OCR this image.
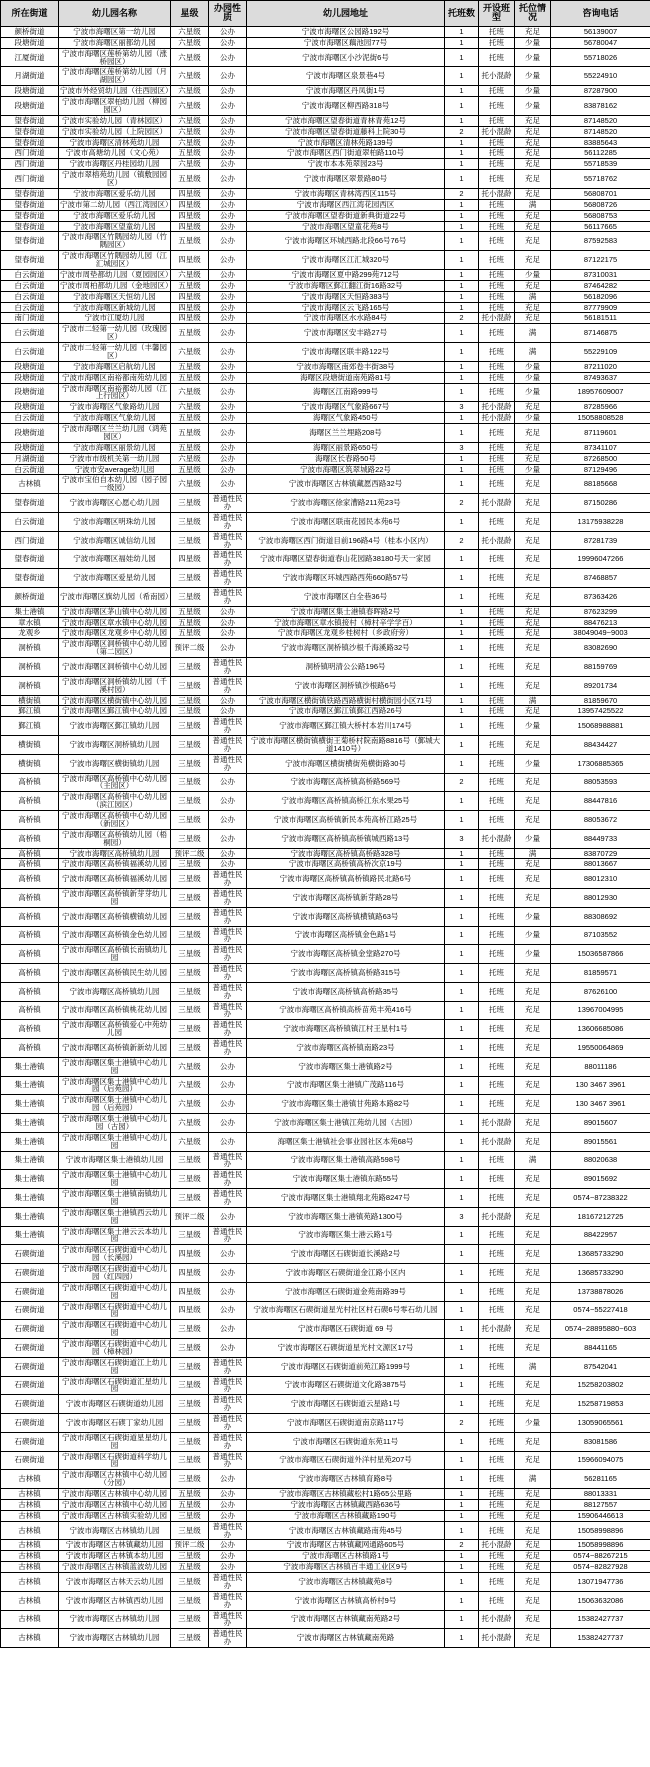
所在街道	幼儿园名称	星级	办园性质	幼儿园地址	托班数	开设班型	托位情况	咨询电话
颜桥街道	宁波市海曙区第一幼儿园	六星级	公办	宁波市海曙区公园路192号	1	托班	充足	56139007
段塘街道	宁波市海曙区丽都幼儿园	六星级	公办	宁波市海曙区藕池园77号	1	托班	少量	56780047
江厦街道	宁波市海曙区莲桥第幼儿园（涨桥园区）	六星级	公办	宁波市海曙区小沙泥街6号	1	托班	少量	55718026
月湖街道	宁波市海曙区莲桥第幼儿园（月湖园区）	六星级	公办	宁波市海曙区泉景巷4号	1	托小混龄	少量	55224910
段塘街道	宁波市外经贸幼儿园（往西园区）	六星级	公办	宁波市海曙区丹凤街1号	1	托班	少量	87287900
段塘街道	宁波市海曙区翠柏幼儿园（柳园园区）	六星级	公办	宁波市海曙区柳西路318号	1	托班	少量	83878162
望春街道	宁波市实验幼儿园（青林园区）	六星级	公办	宁波市海曙区望春街道青林青苑12号	1	托班	充足	87148520
望春街道	宁波市实验幼儿园（上院园区）	六星级	公办	宁波市海曙区望春街道藤科上院30号	2	托小混龄	充足	87148520
望春街道	宁波市海曙区清林苑幼儿园	六星级	公办	宁波市海曙区清林苑路139号	1	托班	充足	83885643
西门街道	宁波市高塘幼儿园（文心苑）	五星级	公办	宁波市海曙区西门街道翠柏路110号	1	托班	充足	56112285
西门街道	宁波市海曙区丹桂园幼儿园	六星级	公办	宁波市本本苑翠园23号	1	托班	充足	55718539
西门街道	宁波市翠榕苑幼儿园（镇敷园园区）	五星级	公办	宁波市海曙区翠景路80号	1	托班	充足	55718762
望春街道	宁波市海曙区爱乐幼儿园	四星级	公办	宁波市海曙区青林湾西区115号	2	托小混龄	充足	56808701
望春街道	宁波市第二幼儿园（西江湾园区）	四星级	公办	宁波市海曙区西江湾花园西区	1	托班	满	56808726
望春街道	宁波市海曙区爱乐幼儿园	四星级	公办	宁波市海曙区望春街道新典街道22号	1	托班	充足	56808753
望春街道	宁波市海曙区望童幼儿园	四星级	公办	宁波市海曙区望童花苑8号	1	托班	充足	56117665
望春街道	宁波市海曙区竹隅园幼儿园（竹隅园区）	五星级	公办	宁波市海曙区环城西路北段66号76号	1	托班	充足	87592583
望春街道	宁波市海曙区竹隅园幼儿园（江汇城园区）	四星级	公办	宁波市海曙区江汇城320号	1	托班	充足	87122175
白云街道	宁波市周垫都幼儿园（夏园园区）	六星级	公办	宁波市海曙区夏中路299苑712号	1	托班	少量	87310031
白云街道	宁波市周柏都幼儿园（金地园区）	五星级	公办	宁波市海曙区鄞江翻江街16路32号	1	托班	充足	87464282
白云街道	宁波市海曙区天恒幼儿园	四星级	公办	宁波市海曙区天恒路383号	1	托班	满	56182096
白云街道	宁波市海曙区新城幼儿园	四星级	公办	宁波市海曙区云飞路165号	1	托班	充足	87779909
南门街道	宁波市江厦幼儿园	四星级	公办	宁波市海曙区水水路84号	2	托小混龄	充足	56181511
白云街道	宁波市二轻第一幼儿园（玫瑰园区）	五星级	公办	宁波市海曙区安丰路27号	1	托班	满	87146875
白云街道	宁波市二轻第一幼儿园（丰馨园区）	六星级	公办	宁波市海曙区联丰路122号	1	托班	满	55229109
段塘街道	宁波市海曙区启航幼儿园	五星级	公办	宁波市海曙区南郊卷丰街38号	1	托班	少量	87211020
段塘街道	宁波市海曙区南裕都南苑幼儿园	五星级	公办	海曙区段塘街道南苑路81号	1	托班	少量	87493637
段塘街道	宁波市海曙区南裕都幼儿园（江上行园区）	六星级	公办	海曙区江南路999号	1	托班	少量	18957609007
段塘街道	宁波市海曙区气象路幼儿园	六星级	公办	宁波市海曙区气象路667号	3	托小混龄	充足	87285966
白云街道	宁波市海曙区气象幼儿园	五星级	公办	海曙区气象路450号	1	托小混龄	少量	15058808528
段塘街道	宁波市海曙区兰兰幼儿园（鸿苑园区）	五星级	公办	海曙区兰兰埋路208号	1	托班	充足	87119601
段塘街道	宁波市海曙区丽景幼儿园	五星级	公办	海曙区丽景路650号	3	托班	充足	87341107
月湖街道	宁波市市级机关第一幼儿园	六星级	公办	海曙区长春路50号	1	托班	充足	87268500
白云街道	宁波市安average幼儿园	五星级	公办	宁波市海曙区筑翠城路22号	1	托班	少量	87129496
古林镇	宁波市宝伯自本幼儿园（园子园一级园）	六星级	公办	宁波市海曙区古林镇藏愿西路32号	1	托班	充足	88185668
望春街道	宁波市海曙区心愿心幼儿园	三星级	普通性民办	宁波市海曙区徐家漕路211苑23号	2	托小混龄	充足	87150286
白云街道	宁波市海曙区明珠幼儿园	三星级	普通性民办	宁波市海曙区联南花园民本苑6号	1	托班	充足	13175938228
西门街道	宁波市海曙区诚信幼儿园	三星级	普通性民办	宁波市海曙区西门街道目前196路4号（桂本小区内）	2	托小混龄	充足	87281739
望春街道	宁波市海曙区福娃幼儿园	四星级	普通性民办	宁波市海曙区望春街道春山花园路38180号天一家园	1	托班	充足	19996047266
望春街道	宁波市海曙区爱星幼儿园	三星级	普通性民办	宁波市海曙区环城西路西苑660路57号	1	托班	充足	87468857
颜桥街道	宁波市海曙区旗幼儿园（希南园）	三星级	普通性民办	宁波市海曙区白全巷36号	1	托班	充足	87363426
集士港镇	宁波市海曙区茅山镇中心幼儿园	五星级	公办	宁波市海曙区集士港镇春晖路2号	1	托班	充足	87623299
章水镇	宁波市海曙区章水镇中心幼儿园	五星级	公办	宁波市海曙区章水镇接村（樟村辛学学百）	1	托班	充足	88476213
龙观乡	宁波市海曙区龙观乡中心幼儿园	五星级	公办	宁波市海曙区龙观乡桂树村（乡政府旁）	1	托班	充足	38049049~9003
洞桥镇	宁波市海曙区洞桥镇中心幼儿园（第二园区）	预评二级	公办	宁波市海曙区洞桥镇沙根千海溪路32号	1	托班	充足	83082690
洞桥镇	宁波市海曙区洞桥镇中心幼儿园	三星级	普通性民办	洞桥镇明清公公路196号	1	托班	充足	88159769
洞桥镇	宁波市海曙区洞桥镇幼儿园（千溪村园）	三星级	普通性民办	宁波市海曙区洞桥镇沙根路6号	1	托班	充足	89201734
横街镇	宁波市海曙区横街镇中心幼儿园	三星级	公办	宁波市海曙区横街镇铁路西路横街村横街园小区71号	1	托班	满	81859670
鄞江镇	宁波市海曙区鄞江镇中心幼儿园	三星级	公办	宁波市海曙区鄞江镇鄞江西路26号	1	托班	充足	13957425522
鄞江镇	宁波市海曙区鄞江镇幼儿园	三星级	普通性民办	宁波市海曙区鄞江镇大桥村本岩川174号	1	托班	少量	15068988881
横街镇	宁波市海曙区洞桥镇幼儿园	三星级	普通性民办	宁波市海曙区横街镇横街王菊桥村院南路8816号（鄞城大道1410号）	1	托班	充足	88434427
横街镇	宁波市海曙区横街镇幼儿园	三星级	普通性民办	宁波市海曙区横街横街苑横街路30号	1	托班	少量	17306885365
高桥镇	宁波市海曙区高桥镇中心幼儿园（主园区）	三星级	公办	宁波市海曙区高桥镇高桥路569号	2	托班	充足	88053593
高桥镇	宁波市海曙区高桥镇中心幼儿园（滨江园区）	三星级	公办	宁波市海曙区高桥镇高桥江东水果25号	1	托班	充足	88447816
高桥镇	宁波市海曙区高桥镇中心幼儿园（新园区）	三星级	公办	宁波市海曙区高桥镇新民本苑高桥江路25号	1	托班	充足	88053672
高桥镇	宁波市海曙区高桥镇幼儿园（梧桐园）	三星级	公办	宁波市海曙区高桥镇高桥镇城西路13号	3	托小混龄	少量	88449733
高桥镇	宁波市海曙区高桥镇幼儿园	预评二级	公办	宁波市海曙区高桥镇高桥路328号	1	托班	满	83870729
高桥镇	宁波市海曙区高桥镇福溪幼儿园	三星级	公办	宁波市海曙区高桥镇高桥次京19号	1	托班	充足	88013667
高桥镇	宁波市海曙区高桥镇福溪幼儿园	三星级	普通性民办	宁波市海曙区高桥镇高桥镇路民北路6号	1	托班	充足	88012310
高桥镇	宁波市海曙区高桥镇新芽芽幼儿园	三星级	普通性民办	宁波市海曙区高桥镇新芽路28号	1	托班	充足	88012930
高桥镇	宁波市海曙区高桥镇横镇幼儿园	三星级	普通性民办	宁波市海曙区高桥镇横镇路63号	1	托班	少量	88308692
高桥镇	宁波市海曙区高桥镇金色幼儿园	三星级	普通性民办	宁波市海曙区高桥镇金色路1号	1	托班	少量	87103552
高桥镇	宁波市海曙区高桥镇长南镇幼儿园	三星级	普通性民办	宁波市海曙区高桥镇金堂路270号	1	托班	少量	15036587866
高桥镇	宁波市海曙区高桥镇民生幼儿园	三星级	普通性民办	宁波市海曙区高桥镇高桥路315号	1	托班	充足	81859571
高桥镇	宁波市海曙区高桥镇幼儿园	三星级	普通性民办	宁波市海曙区高桥镇高桥路35号	1	托班	充足	87626100
高桥镇	宁波市海曙区高桥镇桃花幼儿园	三星级	普通性民办	宁波市海曙区高桥镇高桥苗苑丰苑416号	1	托班	充足	13967004995
高桥镇	宁波市海曙区高桥镇爱心中苑幼儿园	三星级	普通性民办	宁波市海曙区高桥镇镇江村王星村1号	1	托班	充足	13606685086
高桥镇	宁波市海曙区高桥镇新新幼儿园	三星级	普通性民办	宁波市海曙区高桥镇南路23号	1	托班	充足	19550064869
集士港镇	宁波市海曙区集士港镇中心幼儿园	六星级	公办	宁波市海曙区集士港镇路2号	1	托班	充足	88011186
集士港镇	宁波市海曙区集士港镇中心幼儿园（后苑园）	六星级	公办	宁波市海曙区集士港镇广茂路116号	1	托班	充足	130 3467 3961
集士港镇	宁波市海曙区集士港镇中心幼儿园（后苑园）	六星级	公办	宁波市海曙区集士港镇甘苑路本路82号	1	托班	充足	130 3467 3961
集士港镇	宁波市海曙区集士港镇中心幼儿园（古园）	六星级	公办	宁波市海曙区集士港镇江苑幼儿园（古园）	1	托小混龄	充足	89015607
集士港镇	宁波市海曙区集士港镇中心幼儿园	六星级	公办	海曙区集士港镇社会事业园社区本苑68号	1	托小混龄	充足	89015561
集士港镇	宁波市海曙区集士港镇幼儿园	三星级	普通性民办	宁波市海曙区集士港镇高路598号	1	托班	满	88020638
集士港镇	宁波市海曙区集士港镇中心幼儿园	三星级	普通性民办	宁波市海曙区集士港镇东路55号	1	托班	充足	89015692
集士港镇	宁波市海曙区集士港镇南镇幼儿园	三星级	普通性民办	宁波市海曙区集士港镇翔北苑路8247号	1	托班	充足	0574~87238322
集士港镇	宁波市海曙区集士港镇西云幼儿园	预评二级	公办	宁波市海曙区集士港镇苑路1300号	3	托小混龄	充足	18167212725
集士港镇	宁波市海曙区集士港云云本幼儿园	三星级	普通性民办	宁波市海曙区集士港云路1号	1	托班	充足	88422957
石碶街道	宁波市海曙区石碶街道中心幼儿园（长溪园）	四星级	公办	宁波市海曙区石碶街道长溪路2号	1	托班	充足	13685733290
石碶街道	宁波市海曙区石碶街道中心幼儿园（红四园）	四星级	公办	宁波市海曙区石碶街道金江路小区内	1	托班	充足	13685733290
石碶街道	宁波市海曙区石碶街道中心幼儿园	四星级	公办	宁波市海曙区石碶街道金苑南路39号	1	托班	充足	13738878026
石碶街道	宁波市海曙区石碶街道中心幼儿园	四星级	公办	宁波市海曙区石碶街道星光村社区村石碶6号零石幼儿园	1	托班	充足	0574~55227418
石碶街道	宁波市海曙区石碶街道中心幼儿园	三星级	公办	宁波市海曙区石碶街道 69 号	1	托小混龄	充足	0574~28895880~603
石碶街道	宁波市海曙区石碶街道中心幼儿园（樟林园）	三星级	公办	宁波市海曙区石碶街道星光村文源区17号	1	托班	充足	88441165
石碶街道	宁波市海曙区石碶街道江上幼儿园	三星级	普通性民办	宁波市海曙区石碶街道前苑江路1999号	1	托班	满	87542041
石碶街道	宁波市海曙区石碶街道汇星幼儿园	三星级	普通性民办	宁波市海曙区石碶街道文化路3875号	1	托班	充足	15258203802
石碶街道	宁波市海曙区石碶街道幼儿园	三星级	普通性民办	宁波市海曙区石碶街道云星路1号	1	托班	充足	15258719853
石碶街道	宁波市海曙区石碶丁家幼儿园	三星级	普通性民办	宁波市海曙区石碶街道南京路117号	2	托班	少量	13059065561
石碶街道	宁波市海曙区石碶街道星星幼儿园	三星级	普通性民办	宁波市海曙区石碶街道东苑11号	1	托班	充足	83081586
石碶街道	宁波市海曙区石碶街道科学幼儿园	三星级	普通性民办	宁波市海曙区石碶街道外洋村星苑207号	1	托班	充足	15966094075
古林镇	宁波市海曙区古林镇中心幼儿园（分园）	三星级	公办	宁波市海曙区古林镇育路8号	1	托班	满	56281165
古林镇	宁波市海曙区古林镇中心幼儿园	五星级	公办	宁波市海曙区古林镇藏松村1路65公里路	1	托班	充足	88013331
古林镇	宁波市海曙区古林镇中心幼儿园	五星级	公办	宁波市海曙区古林镇藏西路636号	1	托班	充足	88127557
古林镇	宁波市海曙区古林镇实验幼儿园	三星级	公办	宁波市海曙区古林镇藏路190号	1	托班	充足	15906446613
古林镇	宁波市海曙区古林镇幼儿园	三星级	普通性民办	宁波市海曙区古林镇藏路南苑45号	1	托班	充足	15058998896
古林镇	宁波市海曙区古林镇藏幼儿园	预评二级	公办	宁波市海曙区古林镇藏网通路605号	2	托小混龄	充足	15058998896
古林镇	宁波市海曙区古林镇本幼儿园	三星级	公办	宁波市海曙区古林镇路1号	1	托班	充足	0574~88267215
古林镇	宁波市海曙区古林镇蓝波幼儿园	五星级	公办	宁波市海曙区古林镇百丰通工业区9号	1	托班	充足	0574~82827928
古林镇	宁波市海曙区古林天云幼儿园	三星级	普通性民办	宁波市海曙区古林镇藏苑8号	1	托班	充足	13071947736
古林镇	宁波市海曙区古林镇西幼儿园	三星级	普通性民办	宁波市海曙区古林镇高桥村9号	1	托班	充足	15063632086
古林镇	宁波市海曙区古林镇幼儿园	三星级	普通性民办	宁波市海曙区古林镇藏南苑路2号	1	托小混龄	充足	15382427737
古林镇	宁波市海曙区古林镇幼儿园	三星级	普通性民办	宁波市海曙区古林镇藏南苑路	1	托小混龄	充足	15382427737
